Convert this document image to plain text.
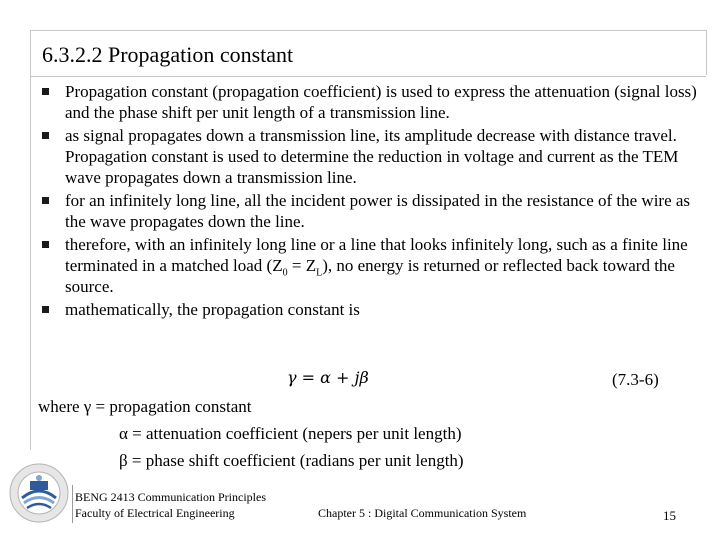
6.3.2.2 Propagation constant
Propagation constant (propagation coefficient) is used to express the attenuation (signal loss) and the phase shift per unit length of a transmission line.
as signal propagates down a transmission line, its amplitude decrease with distance travel. Propagation constant is used to determine the reduction in voltage and current as the TEM wave propagates down a transmission line.
for an infinitely long line, all the incident power is dissipated in the resistance of the wire as the wave propagates down the line.
therefore, with an infinitely long line or a line that looks infinitely long, such as a finite line terminated in a matched load $(Z_0 = Z_L)$, no energy is returned or reflected back toward the source.
mathematically, the propagation constant is
γ = α + jβ	(7.3-6)
where γ = propagation constant
α = attenuation coefficient (nepers per unit length)
β = phase shift coefficient (radians per unit length)
BENG 2413 Communication Principles
Faculty of Electrical Engineering	Chapter 5 : Digital Communication System	15
